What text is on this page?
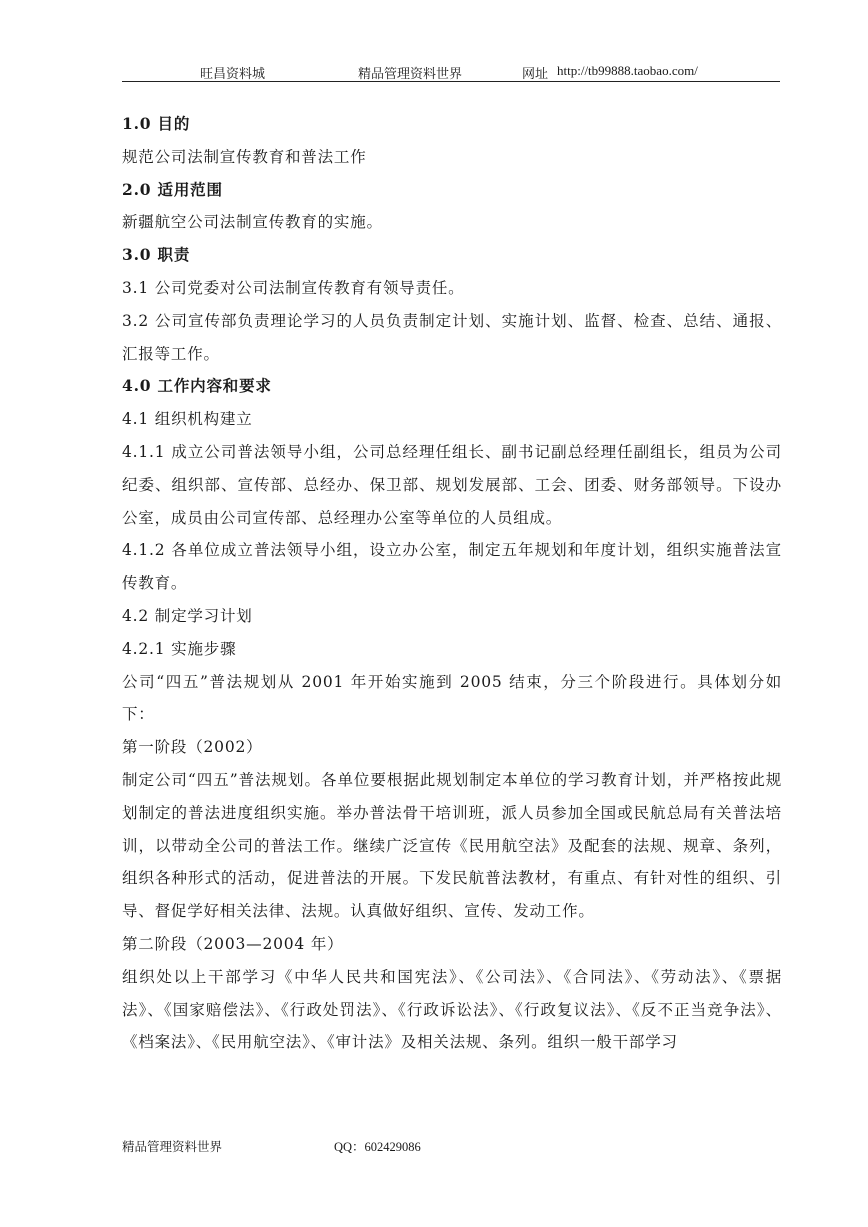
旺昌资料城	精品管理资料世界	网址 http://tb99888.taobao.com/

1.0 目的

规范公司法制宣传教育和普法工作

2.0 适用范围

新疆航空公司法制宣传教育的实施。

3.0 职责

3.1 公司党委对公司法制宣传教育有领导责任。

3.2 公司宣传部负责理论学习的人员负责制定计划、实施计划、监督、检查、总结、通报、汇报等工作。

4.0 工作内容和要求

4.1 组织机构建立

4.1.1 成立公司普法领导小组，公司总经理任组长、副书记副总经理任副组长，组员为公司纪委、组织部、宣传部、总经办、保卫部、规划发展部、工会、团委、财务部领导。下设办公室，成员由公司宣传部、总经理办公室等单位的人员组成。

4.1.2 各单位成立普法领导小组，设立办公室，制定五年规划和年度计划，组织实施普法宣传教育。

4.2 制定学习计划

4.2.1 实施步骤

公司“四五”普法规划从 2001 年开始实施到 2005 结束，分三个阶段进行。具体划分如下：

第一阶段（2002）

制定公司“四五”普法规划。各单位要根据此规划制定本单位的学习教育计划，并严格按此规划制定的普法进度组织实施。举办普法骨干培训班，派人员参加全国或民航总局有关普法培训，以带动全公司的普法工作。继续广泛宣传《民用航空法》及配套的法规、规章、条列，组织各种形式的活动，促进普法的开展。下发民航普法教材，有重点、有针对性的组织、引导、督促学好相关法律、法规。认真做好组织、宣传、发动工作。

第二阶段（2003—2004 年）

组织处以上干部学习《中华人民共和国宪法》、《公司法》、《合同法》、《劳动法》、《票据法》、《国家赔偿法》、《行政处罚法》、《行政诉讼法》、《行政复议法》、《反不正当竞争法》、《档案法》、《民用航空法》、《审计法》及相关法规、条列。组织一般干部学习

精品管理资料世界	QQ：602429086
